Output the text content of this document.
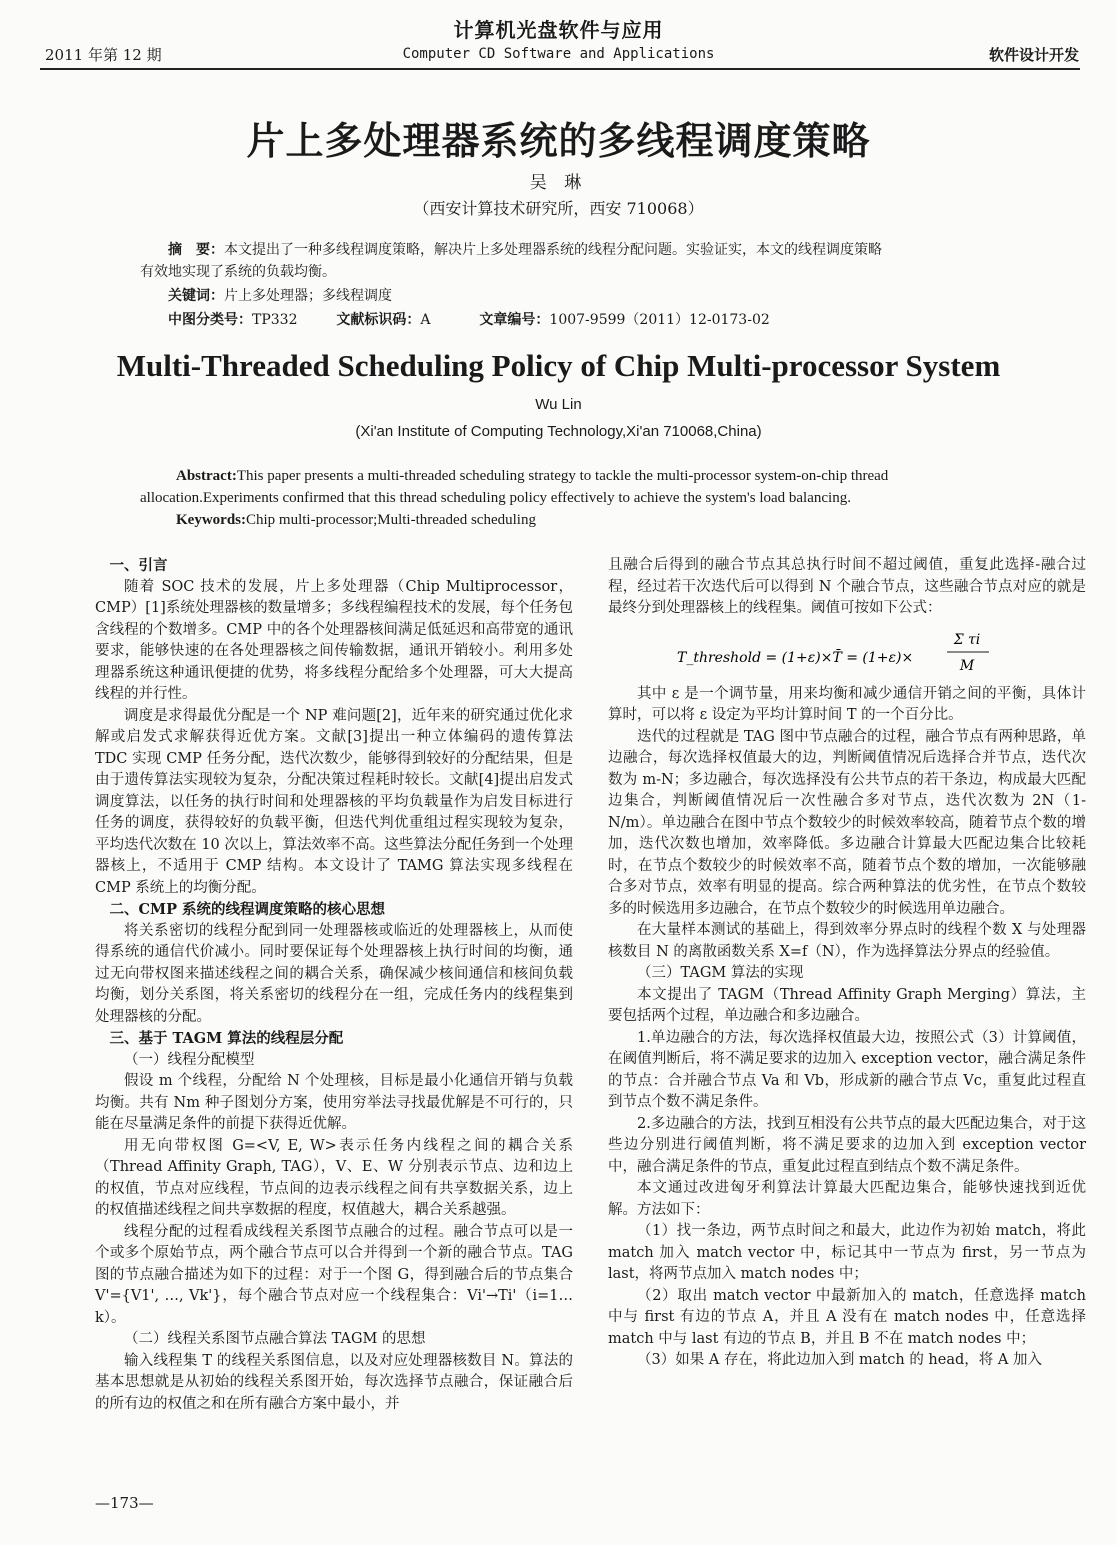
计算机光盘软件与应用
2011 年第 12 期	Computer CD Software and Applications	软件设计开发
片上多处理器系统的多线程调度策略
吴 琳
（西安计算技术研究所，西安 710068）
摘　要：本文提出了一种多线程调度策略，解决片上多处理器系统的线程分配问题。实验证实，本文的线程调度策略
有效地实现了系统的负载均衡。
关键词：片上多处理器；多线程调度
中图分类号：TP332	文献标识码：A	文章编号：1007-9599（2011）12-0173-02
Multi-Threaded Scheduling Policy of Chip Multi-processor System
Wu Lin
(Xi'an Institute of Computing Technology,Xi'an 710068,China)
Abstract:This paper presents a multi-threaded scheduling strategy to tackle the multi-processor system-on-chip thread
allocation.Experiments confirmed that this thread scheduling policy effectively to achieve the system's load balancing.
Keywords:Chip multi-processor;Multi-threaded scheduling

一、引言

随着 SOC 技术的发展，片上多处理器（Chip Multiprocessor，CMP）[1]系统处理器核的数量增多；多线程编程技术的发展，每个任务包含线程的个数增多。CMP 中的各个处理器核间满足低延迟和高带宽的通讯要求，能够快速的在各处理器核之间传输数据，通讯开销较小。利用多处理器系统这种通讯便捷的优势，将多线程分配给多个处理器，可大大提高线程的并行性。

调度是求得最优分配是一个 NP 难问题[2]，近年来的研究通过优化求解或启发式求解获得近优方案。文献[3]提出一种立体编码的遗传算法 TDC 实现 CMP 任务分配，迭代次数少，能够得到较好的分配结果，但是由于遗传算法实现较为复杂，分配决策过程耗时较长。文献[4]提出启发式调度算法，以任务的执行时间和处理器核的平均负载量作为启发目标进行任务的调度，获得较好的负载平衡，但迭代判优重组过程实现较为复杂，平均迭代次数在 10 次以上，算法效率不高。这些算法分配任务到一个处理器核上，不适用于 CMP 结构。本文设计了 TAMG 算法实现多线程在 CMP 系统上的均衡分配。

二、CMP 系统的线程调度策略的核心思想

将关系密切的线程分配到同一处理器核或临近的处理器核上，从而使得系统的通信代价减小。同时要保证每个处理器核上执行时间的均衡，通过无向带权图来描述线程之间的耦合关系，确保减少核间通信和核间负载均衡，划分关系图，将关系密切的线程分在一组，完成任务内的线程集到处理器核的分配。

三、基于 TAGM 算法的线程层分配

（一）线程分配模型

假设 m 个线程，分配给 N 个处理核，目标是最小化通信开销与负载均衡。共有 Nm 种子图划分方案，使用穷举法寻找最优解是不可行的，只能在尽量满足条件的前提下获得近优解。

用无向带权图 G=<V, E, W>表示任务内线程之间的耦合关系（Thread Affinity Graph, TAG），V、E、W 分别表示节点、边和边上的权值，节点对应线程，节点间的边表示线程之间有共享数据关系，边上的权值描述线程之间共享数据的程度，权值越大，耦合关系越强。

线程分配的过程看成线程关系图节点融合的过程。融合节点可以是一个或多个原始节点，两个融合节点可以合并得到一个新的融合节点。TAG 图的节点融合描述为如下的过程：对于一个图 G，得到融合后的节点集合 V'={V1', …, Vk'}，每个融合节点对应一个线程集合：Vi'→Ti'（i=1…k）。

（二）线程关系图节点融合算法 TAGM 的思想

输入线程集 T 的线程关系图信息，以及对应处理器核数目 N。算法的基本思想就是从初始的线程关系图开始，每次选择节点融合，保证融合后的所有边的权值之和在所有融合方案中最小，并

且融合后得到的融合节点其总执行时间不超过阈值，重复此选择-融合过程，经过若干次迭代后可以得到 N 个融合节点，这些融合节点对应的就是最终分到处理器核上的线程集。阈值可按如下公式：

T_threshold = (1+ε)×T̄ = (1+ε)×
Σ τi
M

其中 ε 是一个调节量，用来均衡和减少通信开销之间的平衡，具体计算时，可以将 ε 设定为平均计算时间 T 的一个百分比。

迭代的过程就是 TAG 图中节点融合的过程，融合节点有两种思路，单边融合，每次选择权值最大的边，判断阈值情况后选择合并节点，迭代次数为 m-N；多边融合，每次选择没有公共节点的若干条边，构成最大匹配边集合，判断阈值情况后一次性融合多对节点，迭代次数为 2N（1-N/m）。单边融合在图中节点个数较少的时候效率较高，随着节点个数的增加，迭代次数也增加，效率降低。多边融合计算最大匹配边集合比较耗时，在节点个数较少的时候效率不高，随着节点个数的增加，一次能够融合多对节点，效率有明显的提高。综合两种算法的优劣性，在节点个数较多的时候选用多边融合，在节点个数较少的时候选用单边融合。

在大量样本测试的基础上，得到效率分界点时的线程个数 X 与处理器核数目 N 的离散函数关系 X=f（N），作为选择算法分界点的经验值。

（三）TAGM 算法的实现

本文提出了 TAGM（Thread Affinity Graph Merging）算法，主要包括两个过程，单边融合和多边融合。

1.单边融合的方法，每次选择权值最大边，按照公式（3）计算阈值，在阈值判断后，将不满足要求的边加入 exception vector，融合满足条件的节点：合并融合节点 Va 和 Vb，形成新的融合节点 Vc，重复此过程直到节点个数不满足条件。

2.多边融合的方法，找到互相没有公共节点的最大匹配边集合，对于这些边分别进行阈值判断，将不满足要求的边加入到 exception vector 中，融合满足条件的节点，重复此过程直到结点个数不满足条件。

本文通过改进匈牙利算法计算最大匹配边集合，能够快速找到近优解。方法如下：

（1）找一条边，两节点时间之和最大，此边作为初始 match，将此 match 加入 match vector 中，标记其中一节点为 first，另一节点为 last，将两节点加入 match nodes 中；

（2）取出 match vector 中最新加入的 match，任意选择 match 中与 first 有边的节点 A，并且 A 没有在 match nodes 中，任意选择 match 中与 last 有边的节点 B，并且 B 不在 match nodes 中；

（3）如果 A 存在，将此边加入到 match 的 head，将 A 加入

—173—
